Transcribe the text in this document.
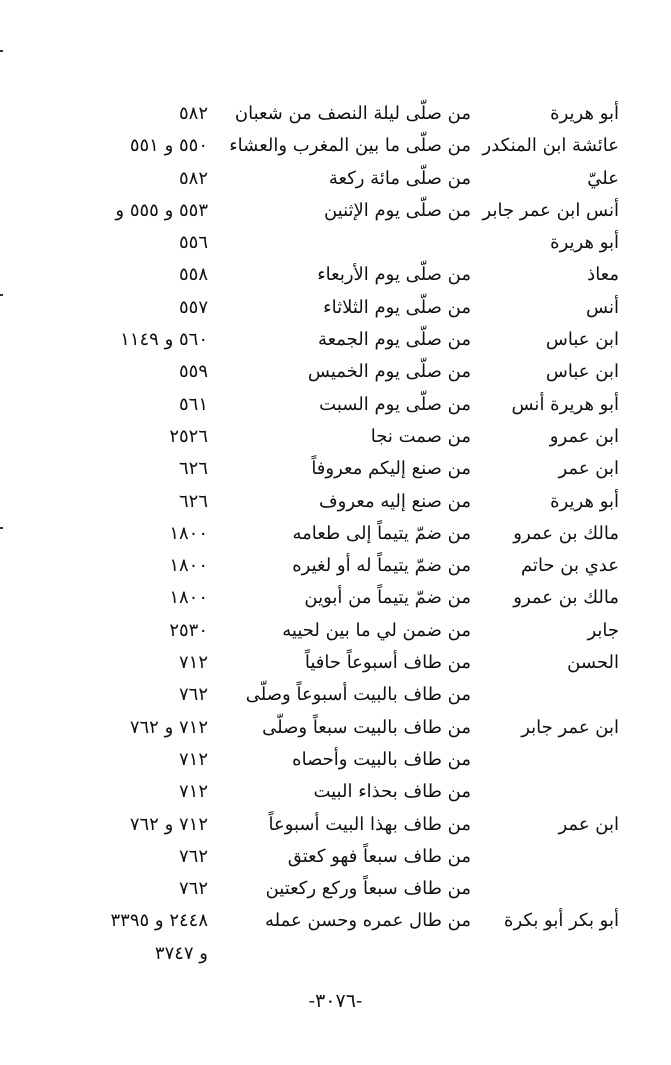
أبو هريرة
من صلّى ليلة النصف من شعبان
٥٨٢
عائشة ابن المنكدر
من صلّى ما بين المغرب والعشاء
٥٥٠ و ٥٥١
عليّ
من صلّى مائة ركعة
٥٨٢
أنس ابن عمر جابر
من صلّى يوم الإثنين
٥٥٣ و ٥٥٥ و
أبو هريرة
٥٥٦
معاذ
من صلّى يوم الأربعاء
٥٥٨
أنس
من صلّى يوم الثلاثاء
٥٥٧
ابن عباس
من صلّى يوم الجمعة
٥٦٠ و ١١٤٩
ابن عباس
من صلّى يوم الخميس
٥٥٩
أبو هريرة أنس
من صلّى يوم السبت
٥٦١
ابن عمرو
من صمت نجا
٢٥٢٦
ابن عمر
من صنع إليكم معروفاً
٦٢٦
أبو هريرة
من صنع إليه معروف
٦٢٦
مالك بن عمرو
من ضمّ يتيماً إلى طعامه
١٨٠٠
عدي بن حاتم
من ضمّ يتيماً له أو لغيره
١٨٠٠
مالك بن عمرو
من ضمّ يتيماً من أبوين
١٨٠٠
جابر
من ضمن لي ما بين لحييه
٢٥٣٠
الحسن
من طاف أسبوعاً حافياً
٧١٢
من طاف بالبيت أسبوعاً وصلّى
٧٦٢
ابن عمر جابر
من طاف بالبيت سبعاً وصلّى
٧١٢ و ٧٦٢
من طاف بالبيت وأحصاه
٧١٢
من طاف بحذاء البيت
٧١٢
ابن عمر
من طاف بهذا البيت أسبوعاً
٧١٢ و ٧٦٢
من طاف سبعاً فهو كعتق
٧٦٢
من طاف سبعاً وركع ركعتين
٧٦٢
أبو بكر أبو بكرة
من طال عمره وحسن عمله
٢٤٤٨ و ٣٣٩٥
و ٣٧٤٧
-٣٠٧٦-
